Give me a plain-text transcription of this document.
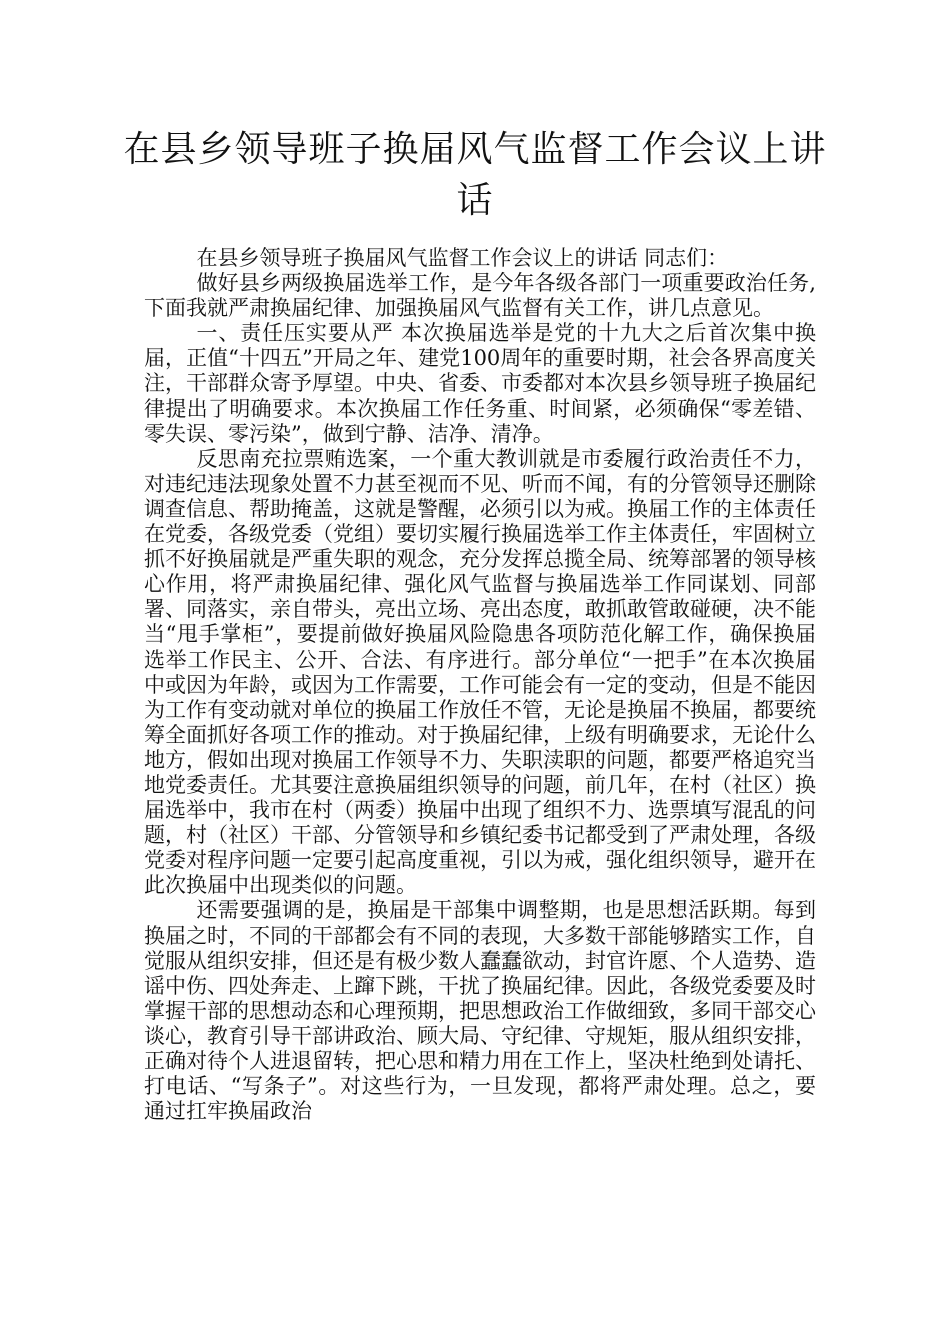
在县乡领导班子换届风气监督工作会议上讲话

在县乡领导班子换届风气监督工作会议上的讲话 同志们：

做好县乡两级换届选举工作，是今年各级各部门一项重要政治任务,下面我就严肃换届纪律、加强换届风气监督有关工作，讲几点意见。

一、责任压实要从严 本次换届选举是党的十九大之后首次集中换届，正值“十四五”开局之年、建党100周年的重要时期，社会各界高度关注，干部群众寄予厚望。中央、省委、市委都对本次县乡领导班子换届纪律提出了明确要求。本次换届工作任务重、时间紧，必须确保“零差错、零失误、零污染”，做到宁静、洁净、清净。

反思南充拉票贿选案，一个重大教训就是市委履行政治责任不力，对违纪违法现象处置不力甚至视而不见、听而不闻，有的分管领导还删除调查信息、帮助掩盖，这就是警醒，必须引以为戒。换届工作的主体责任在党委，各级党委（党组）要切实履行换届选举工作主体责任，牢固树立抓不好换届就是严重失职的观念，充分发挥总揽全局、统筹部署的领导核心作用，将严肃换届纪律、强化风气监督与换届选举工作同谋划、同部署、同落实，亲自带头，亮出立场、亮出态度，敢抓敢管敢碰硬，决不能当“甩手掌柜”，要提前做好换届风险隐患各项防范化解工作，确保换届选举工作民主、公开、合法、有序进行。部分单位“一把手”在本次换届中或因为年龄，或因为工作需要，工作可能会有一定的变动，但是不能因为工作有变动就对单位的换届工作放任不管，无论是换届不换届，都要统筹全面抓好各项工作的推动。对于换届纪律，上级有明确要求，无论什么地方，假如出现对换届工作领导不力、失职渎职的问题，都要严格追究当地党委责任。尤其要注意换届组织领导的问题，前几年，在村（社区）换届选举中，我市在村（两委）换届中出现了组织不力、选票填写混乱的问题，村（社区）干部、分管领导和乡镇纪委书记都受到了严肃处理，各级党委对程序问题一定要引起高度重视，引以为戒，强化组织领导，避开在此次换届中出现类似的问题。

还需要强调的是，换届是干部集中调整期，也是思想活跃期。每到换届之时，不同的干部都会有不同的表现，大多数干部能够踏实工作，自觉服从组织安排，但还是有极少数人蠢蠢欲动，封官许愿、个人造势、造谣中伤、四处奔走、上蹿下跳，干扰了换届纪律。因此，各级党委要及时掌握干部的思想动态和心理预期，把思想政治工作做细致，多同干部交心谈心，教育引导干部讲政治、顾大局、守纪律、守规矩，服从组织安排，正确对待个人进退留转，把心思和精力用在工作上，坚决杜绝到处请托、打电话、“写条子”。对这些行为，一旦发现，都将严肃处理。总之，要通过扛牢换届政治
